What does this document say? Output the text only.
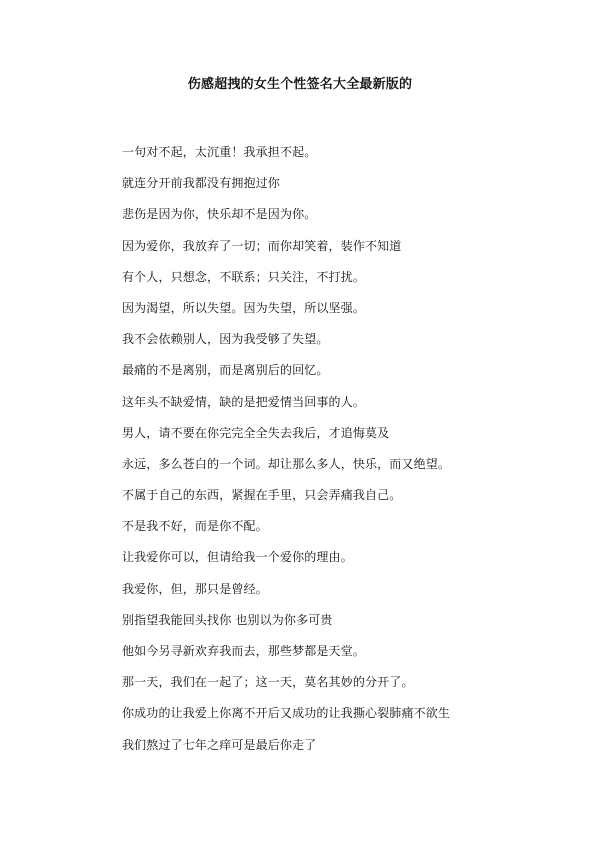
伤感超拽的女生个性签名大全最新版的
一句对不起，太沉重！我承担不起。
就连分开前我都没有拥抱过你
悲伤是因为你，快乐却不是因为你。
因为爱你，我放弃了一切；而你却笑着，装作不知道
有个人，只想念，不联系；只关注，不打扰。
因为渴望，所以失望。因为失望，所以坚强。
我不会依赖别人，因为我受够了失望。
最痛的不是离别，而是离别后的回忆。
这年头不缺爱情，缺的是把爱情当回事的人。
男人，请不要在你完完全全失去我后，才追悔莫及
永远，多么苍白的一个词。却让那么多人，快乐，而又绝望。
不属于自己的东西，紧握在手里，只会弄痛我自己。
不是我不好，而是你不配。
让我爱你可以，但请给我一个爱你的理由。
我爱你，但，那只是曾经。
别指望我能回头找你 也别以为你多可贵
他如今另寻新欢弃我而去，那些梦都是天堂。
那一天，我们在一起了；这一天，莫名其妙的分开了。
你成功的让我爱上你离不开后又成功的让我撕心裂肺痛不欲生
我们熬过了七年之痒可是最后你走了
